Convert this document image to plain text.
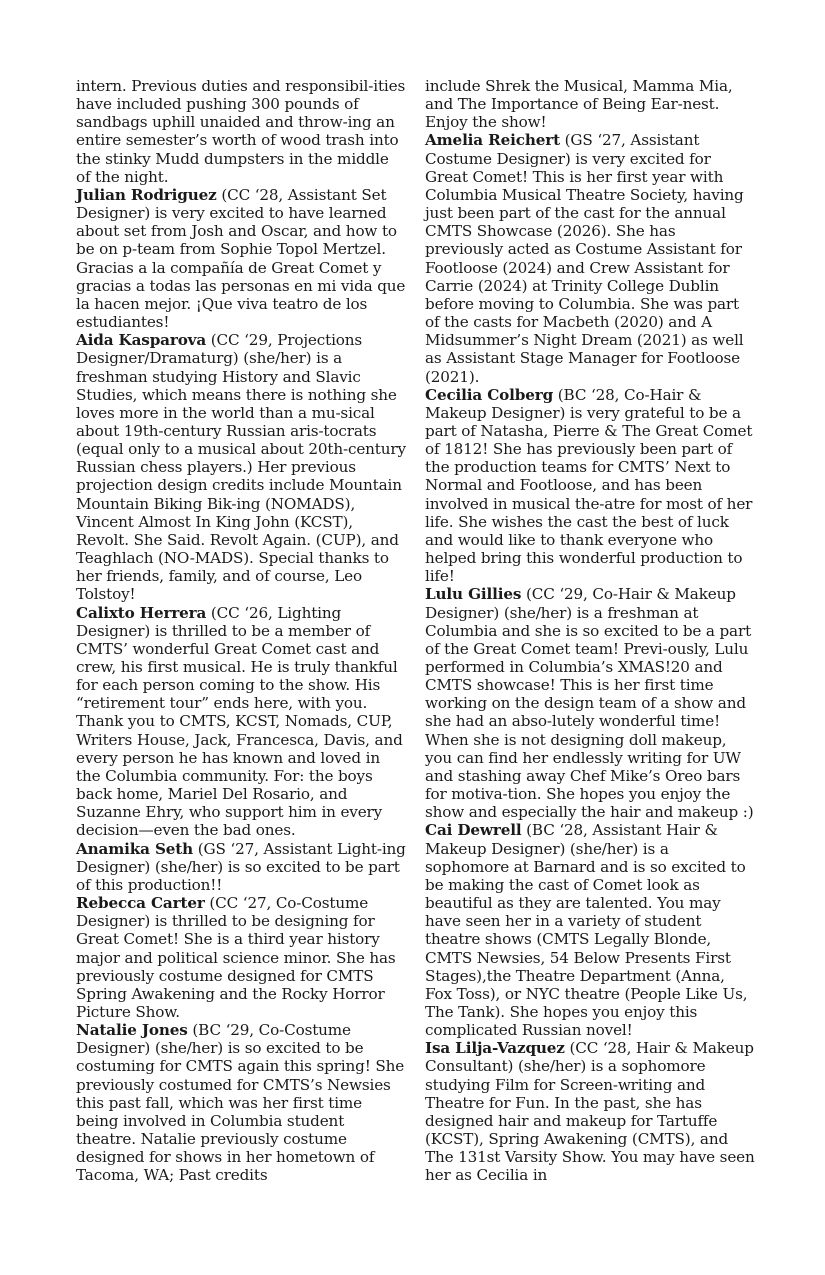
intern. Previous duties and responsibil-ities have included pushing 300 pounds of sandbags uphill unaided and throw-ing an entire semester’s worth of wood trash into the stinky Mudd dumpsters in the middle of the night.

Julian Rodriguez (CC ‘28, Assistant Set Designer) is very excited to have learned about set from Josh and Oscar, and how to be on p-team from Sophie Topol Mertzel. Gracias a la compañía de Great Comet y gracias a todas las personas en mi vida que la hacen mejor. ¡Que viva teatro de los estudiantes!

Aida Kasparova (CC ‘29, Projections Designer/Dramaturg) (she/her) is a freshman studying History and Slavic Studies, which means there is nothing she loves more in the world than a mu-sical about 19th-century Russian aris-tocrats (equal only to a musical about 20th-century Russian chess players.) Her previous projection design credits include Mountain Mountain Biking Bik-ing (NOMADS), Vincent Almost In King John (KCST), Revolt. She Said. Revolt Again. (CUP), and Teaghlach (NO-MADS). Special thanks to her friends, family, and of course, Leo Tolstoy!

Calixto Herrera (CC ‘26, Lighting Designer) is thrilled to be a member of CMTS’ wonderful Great Comet cast and crew, his first musical. He is truly thankful for each person coming to the show. His “retirement tour” ends here, with you. Thank you to CMTS, KCST, Nomads, CUP, Writers House, Jack, Francesca, Davis, and every person he has known and loved in the Columbia community. For: the boys back home, Mariel Del Rosario, and Suzanne Ehry, who support him in every decision—even the bad ones.

Anamika Seth (GS ‘27, Assistant Light-ing Designer) (she/her) is so excited to be part of this production!!

Rebecca Carter (CC ‘27, Co-Costume Designer) is thrilled to be designing for Great Comet! She is a third year history major and political science minor. She has previously costume designed for CMTS Spring Awakening and the Rocky Horror Picture Show.

Natalie Jones (BC ‘29, Co-Costume Designer) (she/her) is so excited to be costuming for CMTS again this spring! She previously costumed for CMTS’s Newsies this past fall, which was her first time being involved in Columbia student theatre. Natalie previously costume designed for shows in her hometown of Tacoma, WA; Past credits

include Shrek the Musical, Mamma Mia, and The Importance of Being Ear-nest. Enjoy the show!

Amelia Reichert (GS ‘27, Assistant Costume Designer) is very excited for Great Comet! This is her first year with Columbia Musical Theatre Society, having just been part of the cast for the annual CMTS Showcase (2026). She has previously acted as Costume Assistant for Footloose (2024) and Crew Assistant for Carrie (2024) at Trinity College Dublin before moving to Columbia. She was part of the casts for Macbeth (2020) and A Midsummer’s Night Dream (2021) as well as Assistant Stage Manager for Footloose (2021).

Cecilia Colberg (BC ‘28, Co-Hair & Makeup Designer) is very grateful to be a part of Natasha, Pierre & The Great Comet of 1812! She has previously been part of the production teams for CMTS’ Next to Normal and Footloose, and has been involved in musical the-atre for most of her life. She wishes the cast the best of luck and would like to thank everyone who helped bring this wonderful production to life!

Lulu Gillies (CC ‘29, Co-Hair & Makeup Designer) (she/her) is a freshman at Columbia and she is so excited to be a part of the Great Comet team! Previ-ously, Lulu performed in Columbia’s XMAS!20 and CMTS showcase! This is her first time working on the design team of a show and she had an abso-lutely wonderful time! When she is not designing doll makeup, you can find her endlessly writing for UW and stashing away Chef Mike’s Oreo bars for motiva-tion. She hopes you enjoy the show and especially the hair and makeup :)

Cai Dewrell (BC ‘28, Assistant Hair & Makeup Designer) (she/her) is a sophomore at Barnard and is so excited to be making the cast of Comet look as beautiful as they are talented. You may have seen her in a variety of student theatre shows (CMTS Legally Blonde, CMTS Newsies, 54 Below Presents First Stages),the Theatre Department (Anna, Fox Toss), or NYC theatre (People Like Us, The Tank). She hopes you enjoy this complicated Russian novel!

Isa Lilja-Vazquez (CC ‘28, Hair & Makeup Consultant) (she/her) is a sophomore studying Film for Screen-writing and Theatre for Fun. In the past, she has designed hair and makeup for Tartuffe (KCST), Spring Awakening (CMTS), and The 131st Varsity Show. You may have seen her as Cecilia in
